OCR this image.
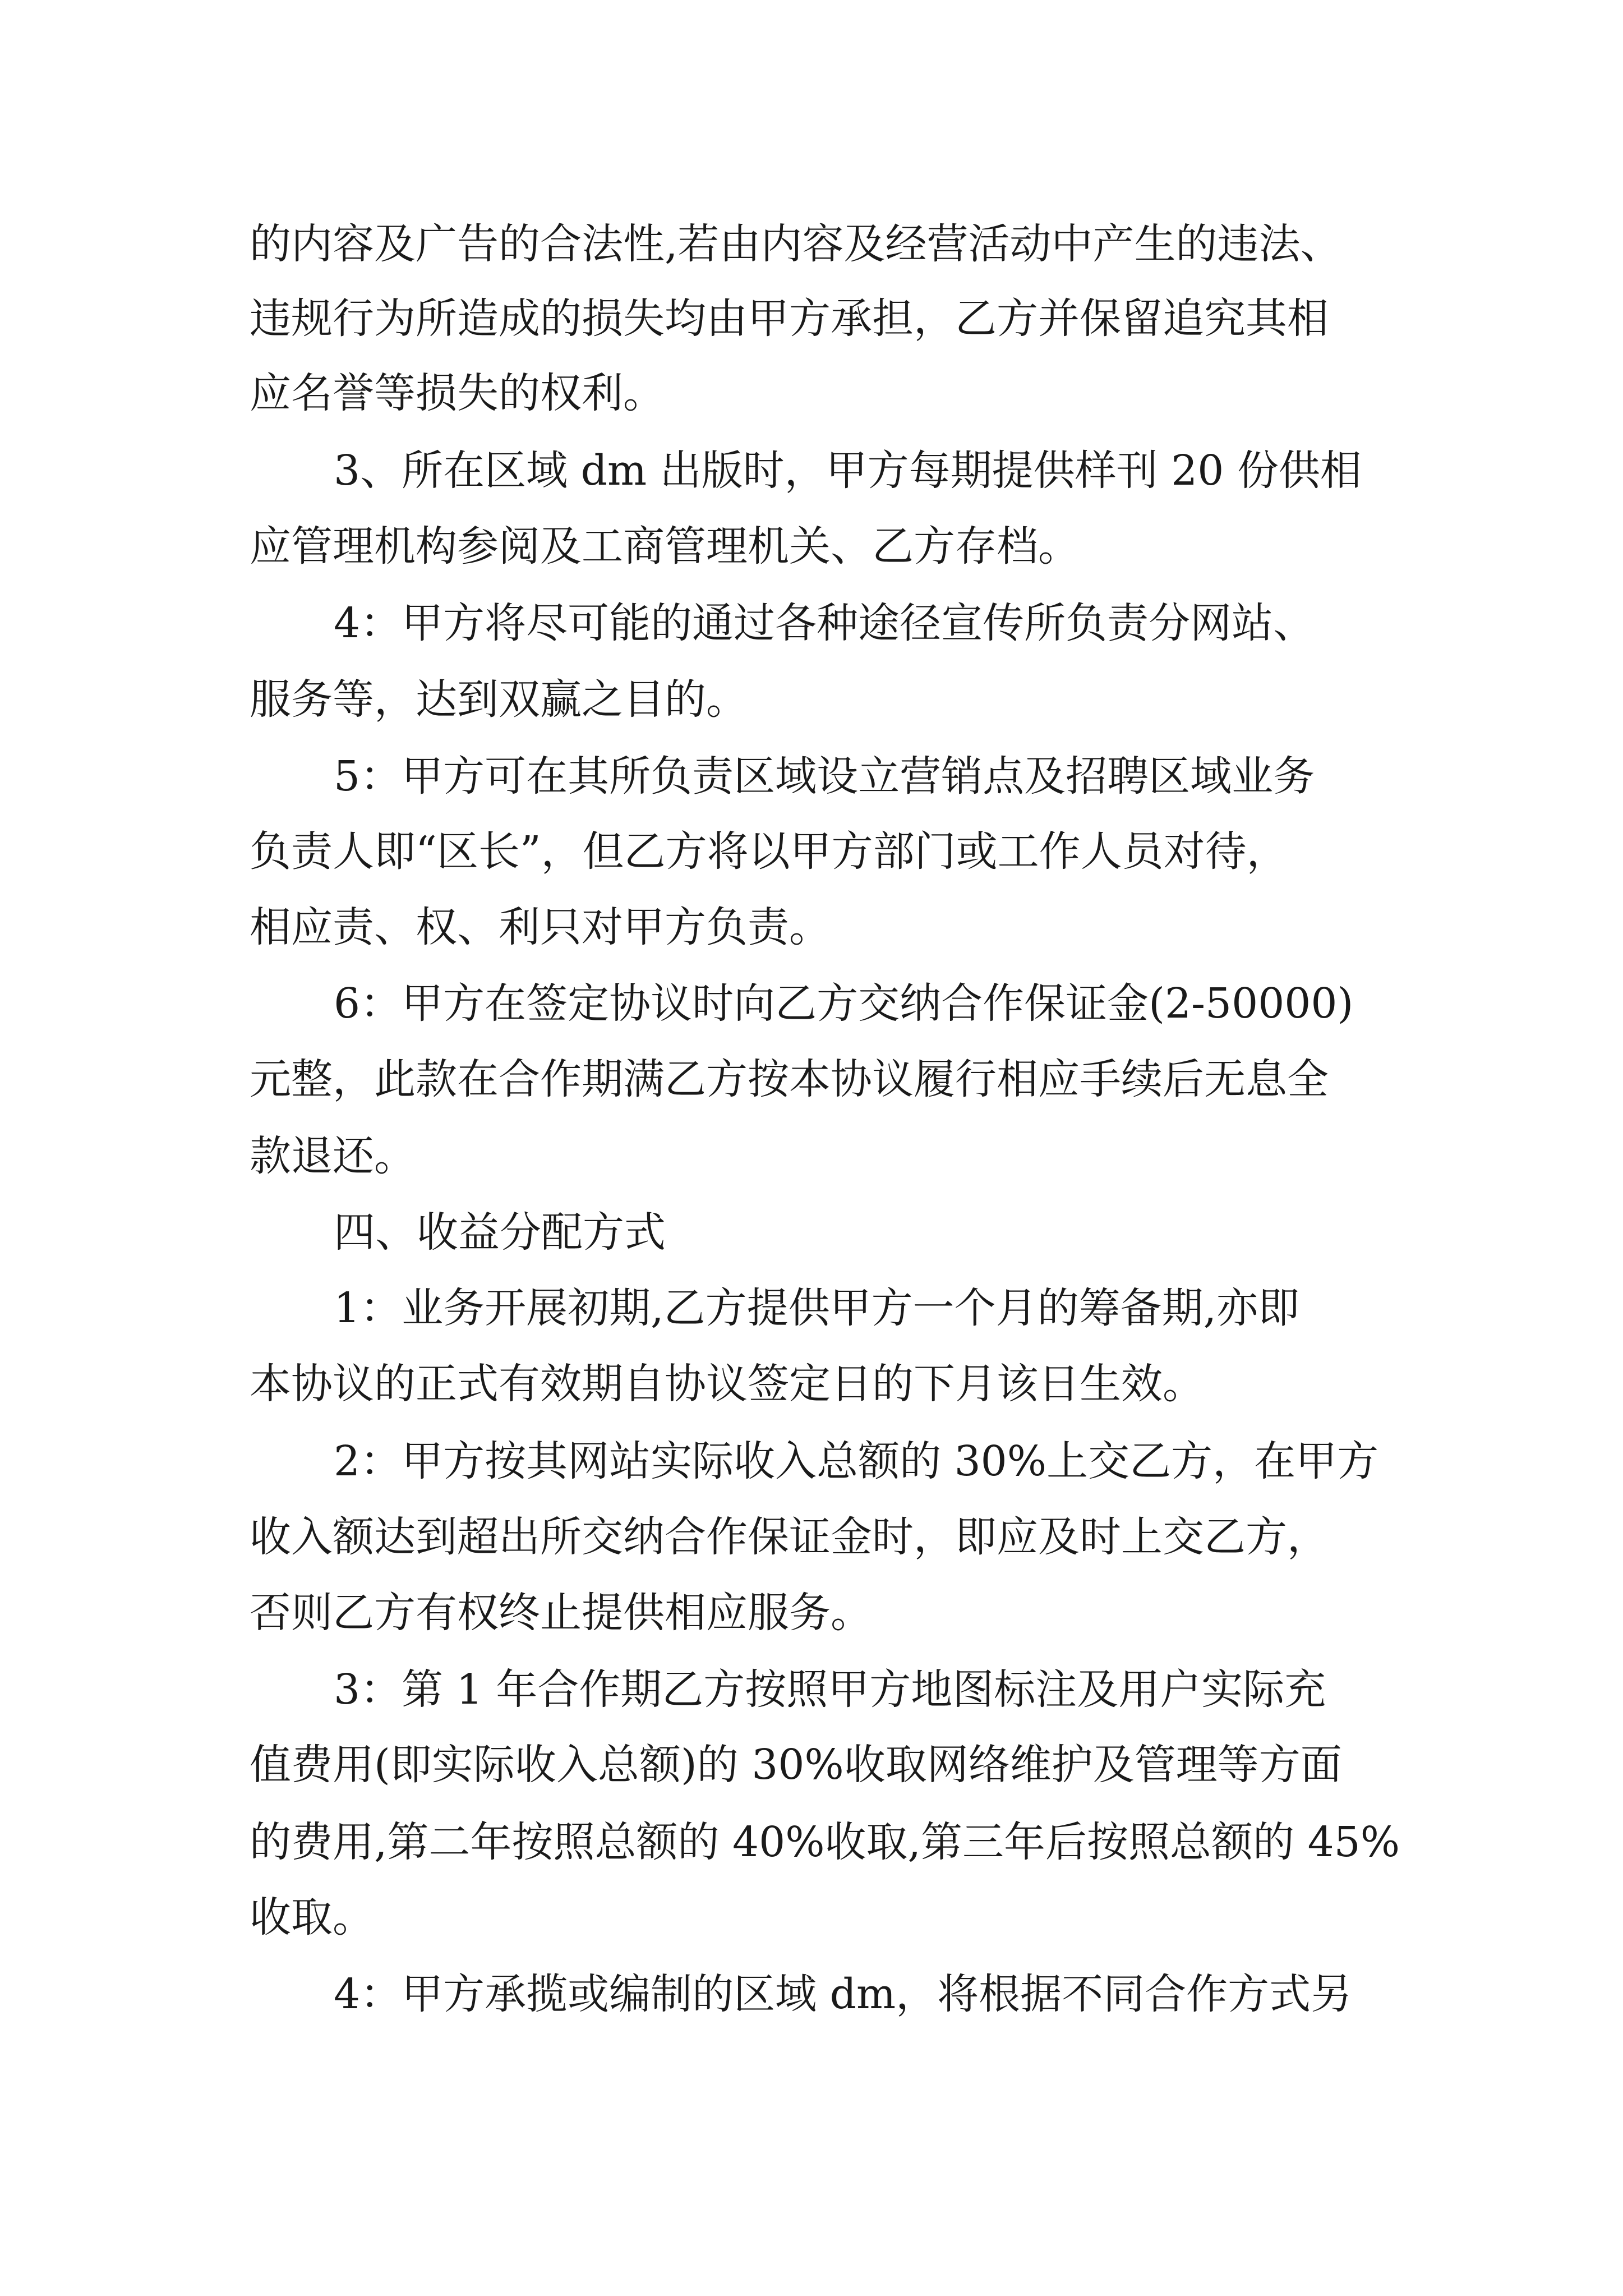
的内容及广告的合法性,若由内容及经营活动中产生的违法、

违规行为所造成的损失均由甲方承担，乙方并保留追究其相

应名誉等损失的权利。

3、所在区域 dm 出版时，甲方每期提供样刊 20 份供相

应管理机构参阅及工商管理机关、乙方存档。

4：甲方将尽可能的通过各种途径宣传所负责分网站、

服务等，达到双赢之目的。

5：甲方可在其所负责区域设立营销点及招聘区域业务

负责人即“区长”，但乙方将以甲方部门或工作人员对待，

相应责、权、利只对甲方负责。

6：甲方在签定协议时向乙方交纳合作保证金(2-50000)

元整，此款在合作期满乙方按本协议履行相应手续后无息全

款退还。

四、收益分配方式

1：业务开展初期,乙方提供甲方一个月的筹备期,亦即

本协议的正式有效期自协议签定日的下月该日生效。

2：甲方按其网站实际收入总额的 30%上交乙方，在甲方

收入额达到超出所交纳合作保证金时，即应及时上交乙方，

否则乙方有权终止提供相应服务。

3：第 1 年合作期乙方按照甲方地图标注及用户实际充

值费用(即实际收入总额)的 30%收取网络维护及管理等方面

的费用,第二年按照总额的 40%收取,第三年后按照总额的 45%

收取。

4：甲方承揽或编制的区域 dm，将根据不同合作方式另
